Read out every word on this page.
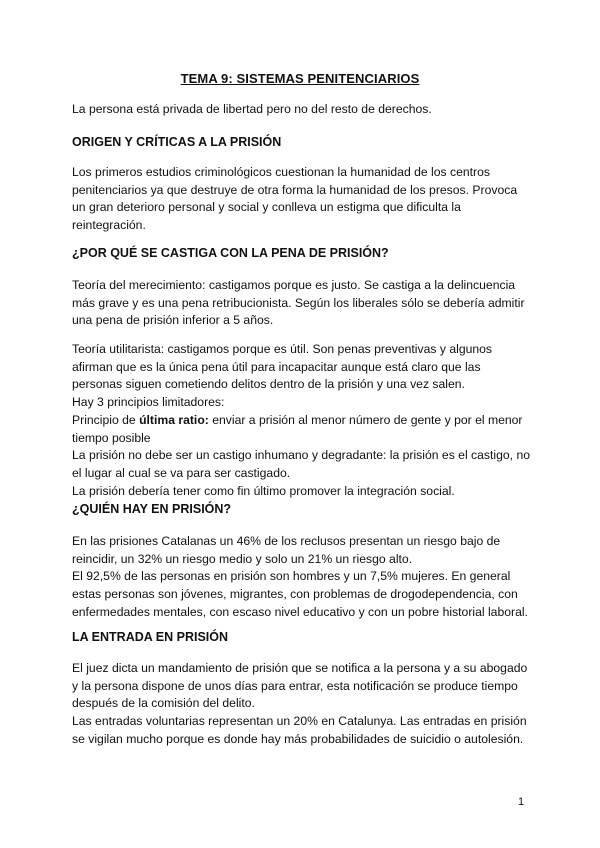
TEMA 9: SISTEMAS PENITENCIARIOS

La persona está privada de libertad pero no del resto de derechos.

ORIGEN Y CRÍTICAS A LA PRISIÓN
Los primeros estudios criminológicos cuestionan la humanidad de los centros
penitenciarios ya que destruye de otra forma la humanidad de los presos. Provoca
un gran deterioro personal y social y conlleva un estigma que dificulta la
reintegración.
¿POR QUÉ SE CASTIGA CON LA PENA DE PRISIÓN?
Teoría del merecimiento: castigamos porque es justo. Se castiga a la delincuencia
más grave y es una pena retribucionista. Según los liberales sólo se debería admitir
una pena de prisión inferior a 5 años.
Teoría utilitarista: castigamos porque es útil. Son penas preventivas y algunos
afirman que es la única pena útil para incapacitar aunque está claro que las
personas siguen cometiendo delitos dentro de la prisión y una vez salen.
Hay 3 principios limitadores:
Principio de última ratio: enviar a prisión al menor número de gente y por el menor
tiempo posible
La prisión no debe ser un castigo inhumano y degradante: la prisión es el castigo, no
el lugar al cual se va para ser castigado.
La prisión debería tener como fin último promover la integración social.
¿QUIÉN HAY EN PRISIÓN?
En las prisiones Catalanas un 46% de los reclusos presentan un riesgo bajo de
reincidir, un 32% un riesgo medio y solo un 21% un riesgo alto.
El 92,5% de las personas en prisión son hombres y un 7,5% mujeres. En general
estas personas son jóvenes, migrantes, con problemas de drogodependencia, con
enfermedades mentales, con escaso nivel educativo y con un pobre historial laboral.
LA ENTRADA EN PRISIÓN
El juez dicta un mandamiento de prisión que se notifica a la persona y a su abogado
y la persona dispone de unos días para entrar, esta notificación se produce tiempo
después de la comisión del delito.
Las entradas voluntarias representan un 20% en Catalunya. Las entradas en prisión
se vigilan mucho porque es donde hay más probabilidades de suicidio o autolesión.
1
